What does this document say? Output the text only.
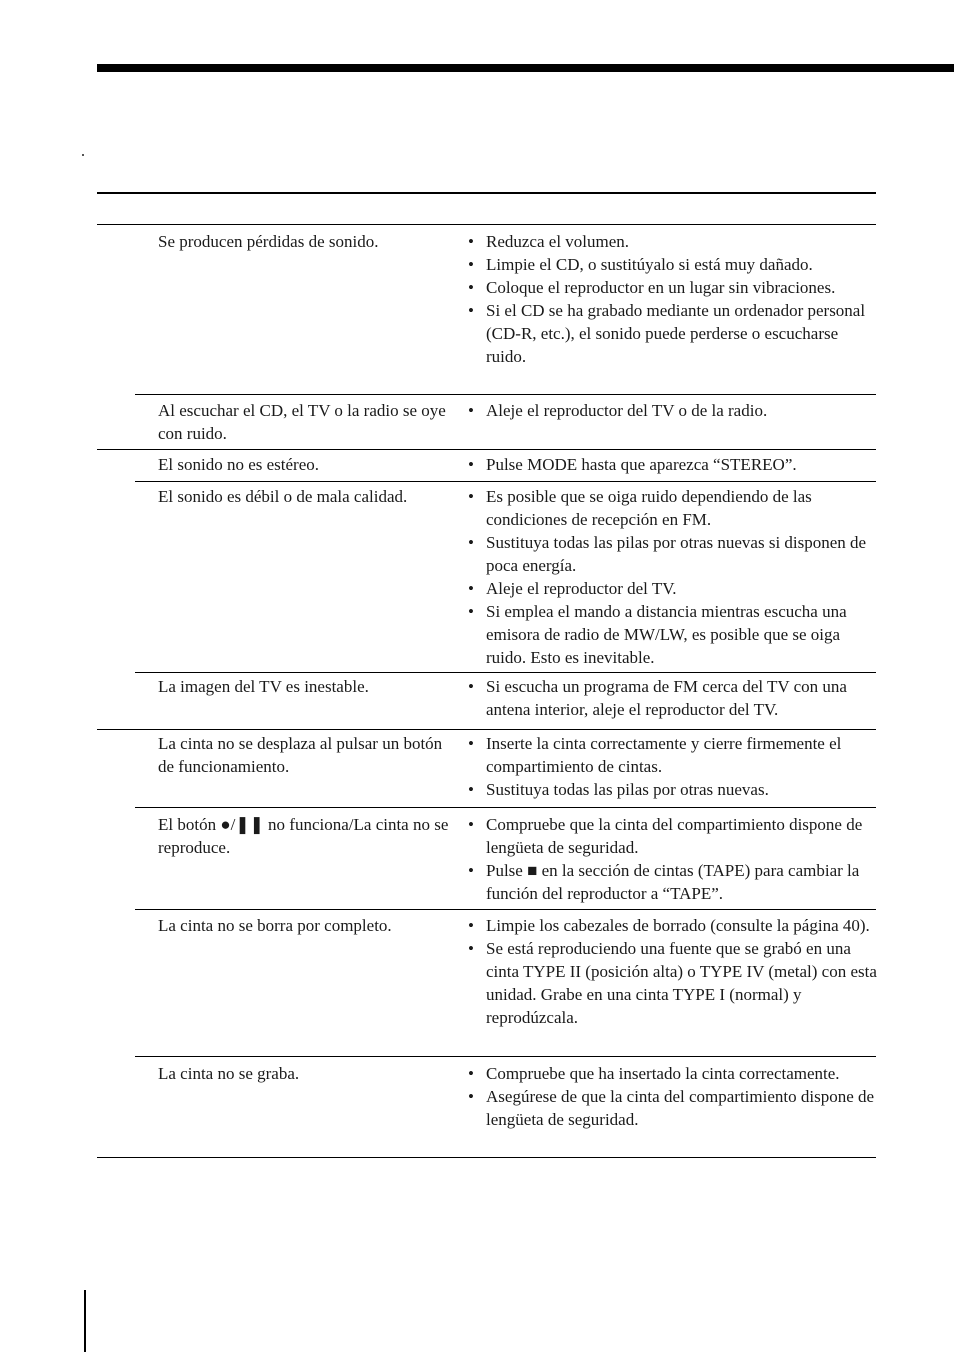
Se producen pérdidas de sonido.	• Reduzca el volumen.
• Limpie el CD, o sustitúyalo si está muy dañado.
• Coloque el reproductor en un lugar sin vibraciones.
• Si el CD se ha grabado mediante un ordenador personal (CD-R, etc.), el sonido puede perderse o escucharse ruido.
Al escuchar el CD, el TV o la radio se oye con ruido.
• Aleje el reproductor del TV o de la radio.
El sonido no es estéreo.	• Pulse MODE hasta que aparezca “STEREO”.
El sonido es débil o de mala calidad.	• Es posible que se oiga ruido dependiendo de las condiciones de recepción en FM.
• Sustituya todas las pilas por otras nuevas si disponen de poca energía.
• Aleje el reproductor del TV.
• Si emplea el mando a distancia mientras escucha una emisora de radio de MW/LW, es posible que se oiga ruido. Esto es inevitable.
La imagen del TV es inestable.	• Si escucha un programa de FM cerca del TV con una antena interior, aleje el reproductor del TV.
La cinta no se desplaza al pulsar un botón de funcionamiento.
• Inserte la cinta correctamente y cierre firmemente el compartimiento de cintas.
• Sustituya todas las pilas por otras nuevas.
El botón ●/❚❚ no funciona/La cinta no se reproduce.
• Compruebe que la cinta del compartimiento dispone de lengüeta de seguridad.
• Pulse ■ en la sección de cintas (TAPE) para cambiar la función del reproductor a “TAPE”.
La cinta no se borra por completo.	• Limpie los cabezales de borrado (consulte la página 40).
• Se está reproduciendo una fuente que se grabó en una cinta TYPE II (posición alta) o TYPE IV (metal) con esta unidad. Grabe en una cinta TYPE I (normal) y reprodúzcala.
La cinta no se graba.	• Compruebe que ha insertado la cinta correctamente.
• Asegúrese de que la cinta del compartimiento dispone de lengüeta de seguridad.
